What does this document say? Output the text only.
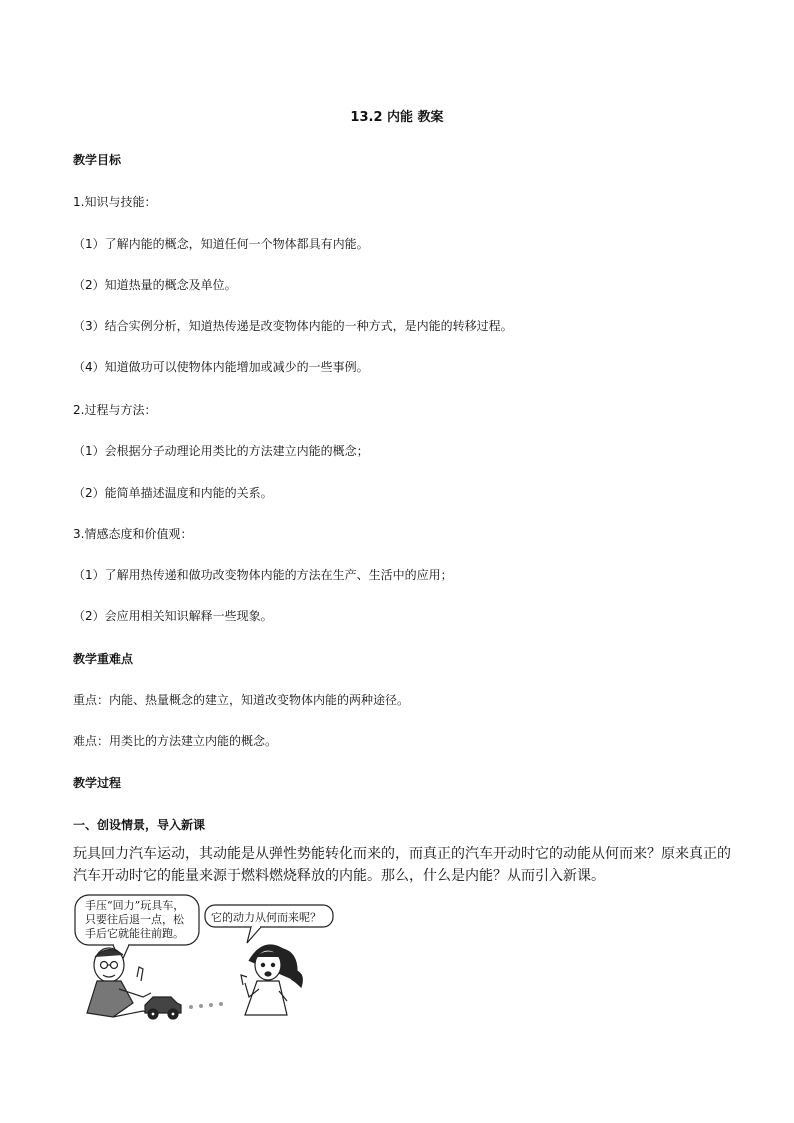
13.2 内能 教案
教学目标
1.知识与技能：
（1）了解内能的概念，知道任何一个物体都具有内能。
（2）知道热量的概念及单位。
（3）结合实例分析，知道热传递是改变物体内能的一种方式，是内能的转移过程。
（4）知道做功可以使物体内能增加或减少的一些事例。
2.过程与方法：
（1）会根据分子动理论用类比的方法建立内能的概念；
（2）能简单描述温度和内能的关系。
3.情感态度和价值观：
（1）了解用热传递和做功改变物体内能的方法在生产、生活中的应用；
（2）会应用相关知识解释一些现象。
教学重难点
重点：内能、热量概念的建立，知道改变物体内能的两种途径。
难点：用类比的方法建立内能的概念。
教学过程
一、创设情景，导入新课
玩具回力汽车运动，其动能是从弹性势能转化而来的，而真正的汽车开动时它的动能从何而来？原来真正的汽车开动时它的能量来源于燃料燃烧释放的内能。那么，什么是内能？从而引入新课。
手压“回力”玩具车，
只要往后退一点，松
手后它就能往前跑。
它的动力从何而来呢？
